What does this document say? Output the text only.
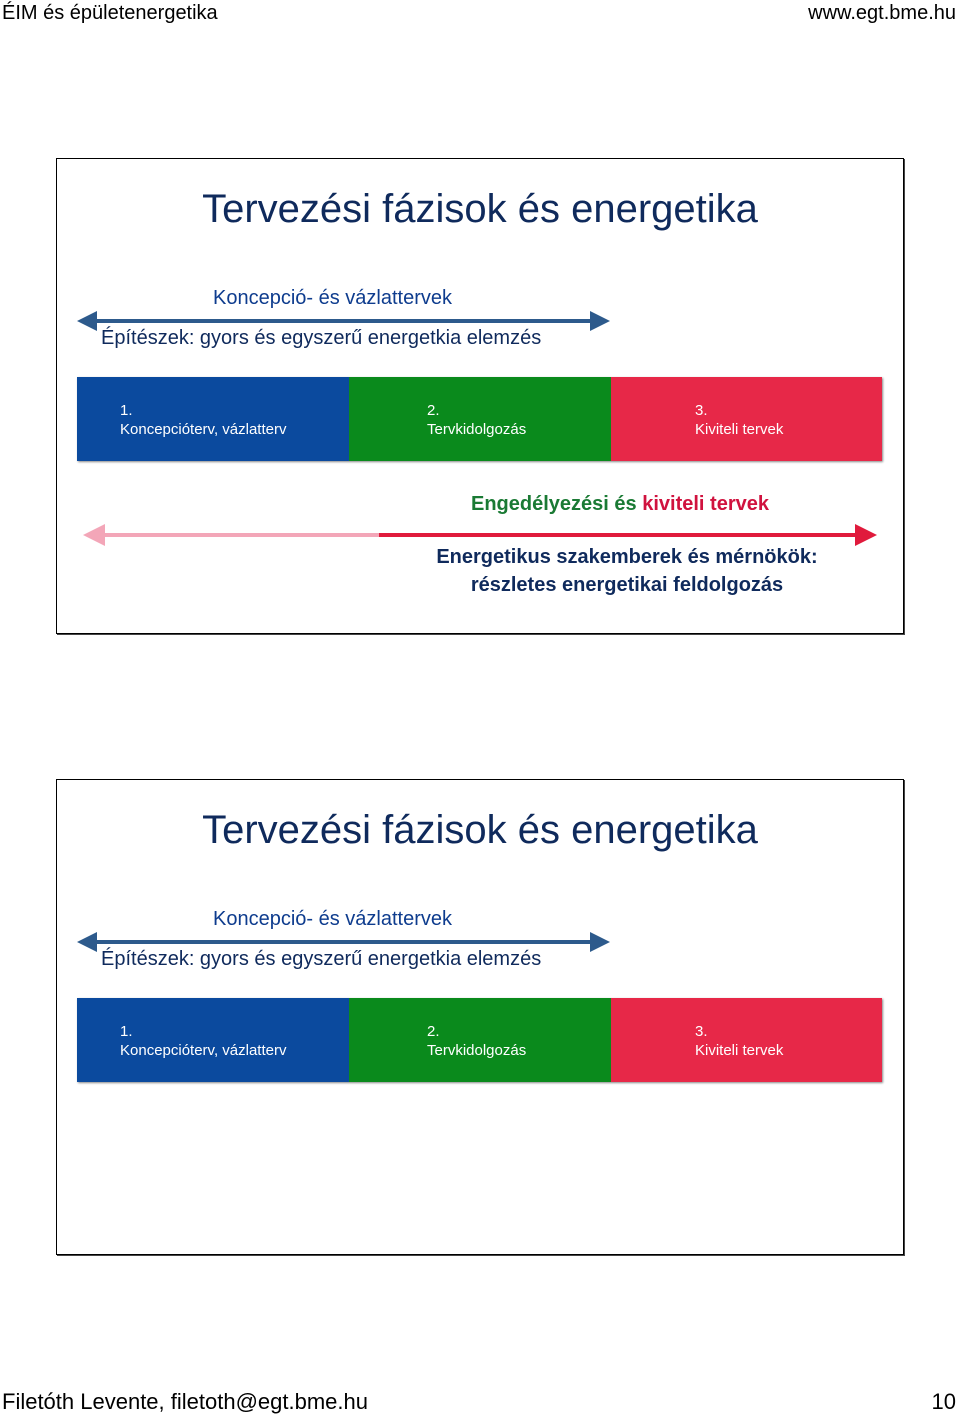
ÉIM és épületenergetika	www.egt.bme.hu
Tervezési fázisok és energetika
Koncepció- és vázlattervek
Építészek: gyors és egyszerű energetkia elemzés
1.
Koncepcióterv, vázlatterv
2.
Tervkidolgozás
3.
Kiviteli tervek
Engedélyezési és kiviteli tervek
Energetikus szakemberek és mérnökök:
részletes energetikai feldolgozás
Tervezési fázisok és energetika
Koncepció- és vázlattervek
Építészek: gyors és egyszerű energetkia elemzés
1.
Koncepcióterv, vázlatterv
2.
Tervkidolgozás
3.
Kiviteli tervek
Filetóth Levente, filetoth@egt.bme.hu	10
